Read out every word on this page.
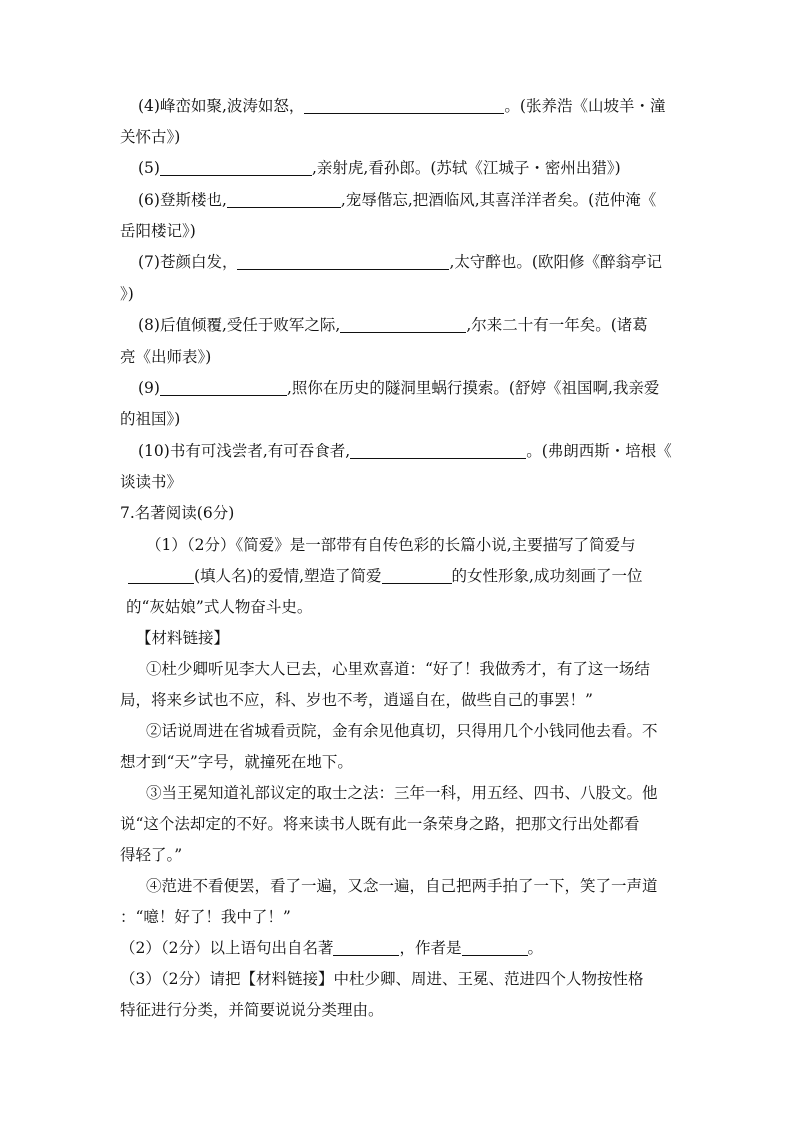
(4)峰峦如聚,波涛如怒，	。(张养浩《山坡羊・潼
关怀古》)
(5)	,亲射虎,看孙郎。(苏轼《江城子・密州出猎》)
(6)登斯楼也,	,宠辱偕忘,把酒临风,其喜洋洋者矣。(范仲淹《
岳阳楼记》)
(7)苍颜白发，	,太守醉也。(欧阳修《醉翁亭记
》)
(8)后值倾覆,受任于败军之际,	,尔来二十有一年矣。(诸葛
亮《出师表》)
(9)	,照你在历史的隧洞里蜗行摸索。(舒婷《祖国啊,我亲爱
的祖国》)
(10)书有可浅尝者,有可吞食者,	。(弗朗西斯・培根《
谈读书》
7.名著阅读(6分)
（1）（2分）《简爱》是一部带有自传色彩的长篇小说,主要描写了简爱与
(填人名)的爱情,塑造了简爱	的女性形象,成功刻画了一位
的“灰姑娘”式人物奋斗史。
【材料链接】
①杜少卿听见李大人已去，心里欢喜道：“好了！我做秀才，有了这一场结
局，将来乡试也不应，科、岁也不考，逍遥自在，做些自己的事罢！”
②话说周进在省城看贡院，金有余见他真切，只得用几个小钱同他去看。不
想才到“天”字号，就撞死在地下。
③当王冕知道礼部议定的取士之法：三年一科，用五经、四书、八股文。他
说“这个法却定的不好。将来读书人既有此一条荣身之路，把那文行出处都看
得轻了。”
④范进不看便罢，看了一遍，又念一遍，自己把两手拍了一下，笑了一声道
：“噫！好了！我中了！”
（2）（2分）以上语句出自名著	，作者是	。
（3）（2分）请把【材料链接】中杜少卿、周进、王冕、范进四个人物按性格
特征进行分类，并简要说说分类理由。
